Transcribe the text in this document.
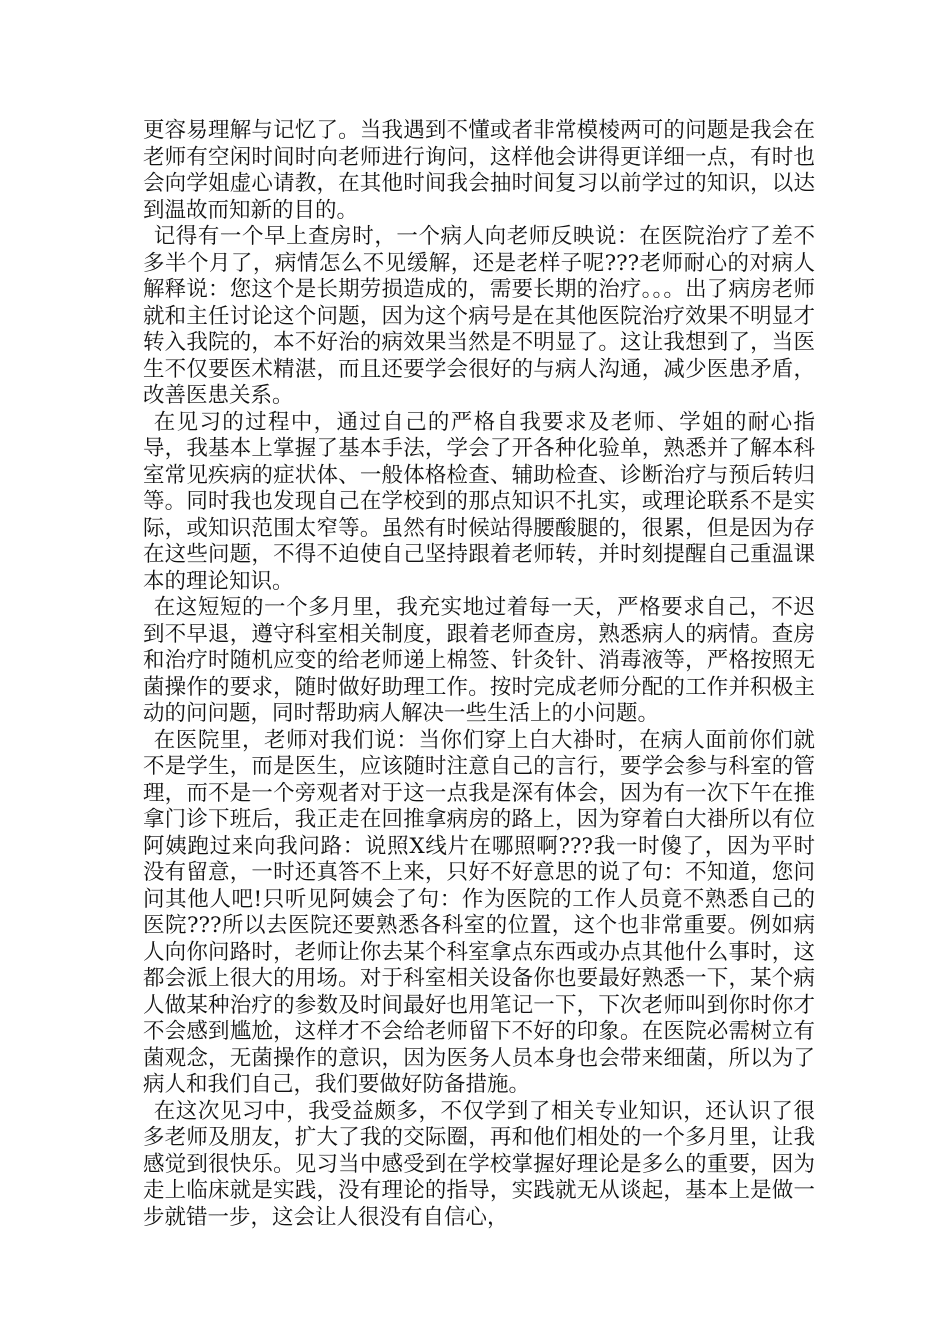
更容易理解与记忆了。当我遇到不懂或者非常模棱两可的问题是我会在老师有空闲时间时向老师进行询问，这样他会讲得更详细一点，有时也会向学姐虚心请教，在其他时间我会抽时间复习以前学过的知识，以达到温故而知新的目的。

记得有一个早上查房时，一个病人向老师反映说：在医院治疗了差不多半个月了，病情怎么不见缓解，还是老样子呢???老师耐心的对病人解释说：您这个是长期劳损造成的，需要长期的治疗。。。出了病房老师就和主任讨论这个问题，因为这个病号是在其他医院治疗效果不明显才转入我院的，本不好治的病效果当然是不明显了。这让我想到了，当医生不仅要医术精湛，而且还要学会很好的与病人沟通，减少医患矛盾，改善医患关系。

在见习的过程中，通过自己的严格自我要求及老师、学姐的耐心指导，我基本上掌握了基本手法，学会了开各种化验单，熟悉并了解本科室常见疾病的症状体、一般体格检查、辅助检查、诊断治疗与预后转归等。同时我也发现自己在学校到的那点知识不扎实，或理论联系不是实际，或知识范围太窄等。虽然有时候站得腰酸腿的，很累，但是因为存在这些问题，不得不迫使自己坚持跟着老师转，并时刻提醒自己重温课本的理论知识。

在这短短的一个多月里，我充实地过着每一天，严格要求自己，不迟到不早退，遵守科室相关制度，跟着老师查房，熟悉病人的病情。查房和治疗时随机应变的给老师递上棉签、针灸针、消毒液等，严格按照无菌操作的要求，随时做好助理工作。按时完成老师分配的工作并积极主动的问问题，同时帮助病人解决一些生活上的小问题。

在医院里，老师对我们说：当你们穿上白大褂时，在病人面前你们就不是学生，而是医生，应该随时注意自己的言行，要学会参与科室的管理，而不是一个旁观者对于这一点我是深有体会，因为有一次下午在推拿门诊下班后，我正走在回推拿病房的路上，因为穿着白大褂所以有位阿姨跑过来向我问路：说照X线片在哪照啊???我一时傻了，因为平时没有留意，一时还真答不上来，只好不好意思的说了句：不知道，您问问其他人吧!只听见阿姨会了句：作为医院的工作人员竟不熟悉自己的医院???所以去医院还要熟悉各科室的位置，这个也非常重要。例如病人向你问路时，老师让你去某个科室拿点东西或办点其他什么事时，这都会派上很大的用场。对于科室相关设备你也要最好熟悉一下，某个病人做某种治疗的参数及时间最好也用笔记一下，下次老师叫到你时你才不会感到尴尬，这样才不会给老师留下不好的印象。在医院必需树立有菌观念，无菌操作的意识，因为医务人员本身也会带来细菌，所以为了病人和我们自己，我们要做好防备措施。

在这次见习中，我受益颇多，不仅学到了相关专业知识，还认识了很多老师及朋友，扩大了我的交际圈，再和他们相处的一个多月里，让我感觉到很快乐。见习当中感受到在学校掌握好理论是多么的重要，因为走上临床就是实践，没有理论的指导，实践就无从谈起，基本上是做一步就错一步，这会让人很没有自信心，
